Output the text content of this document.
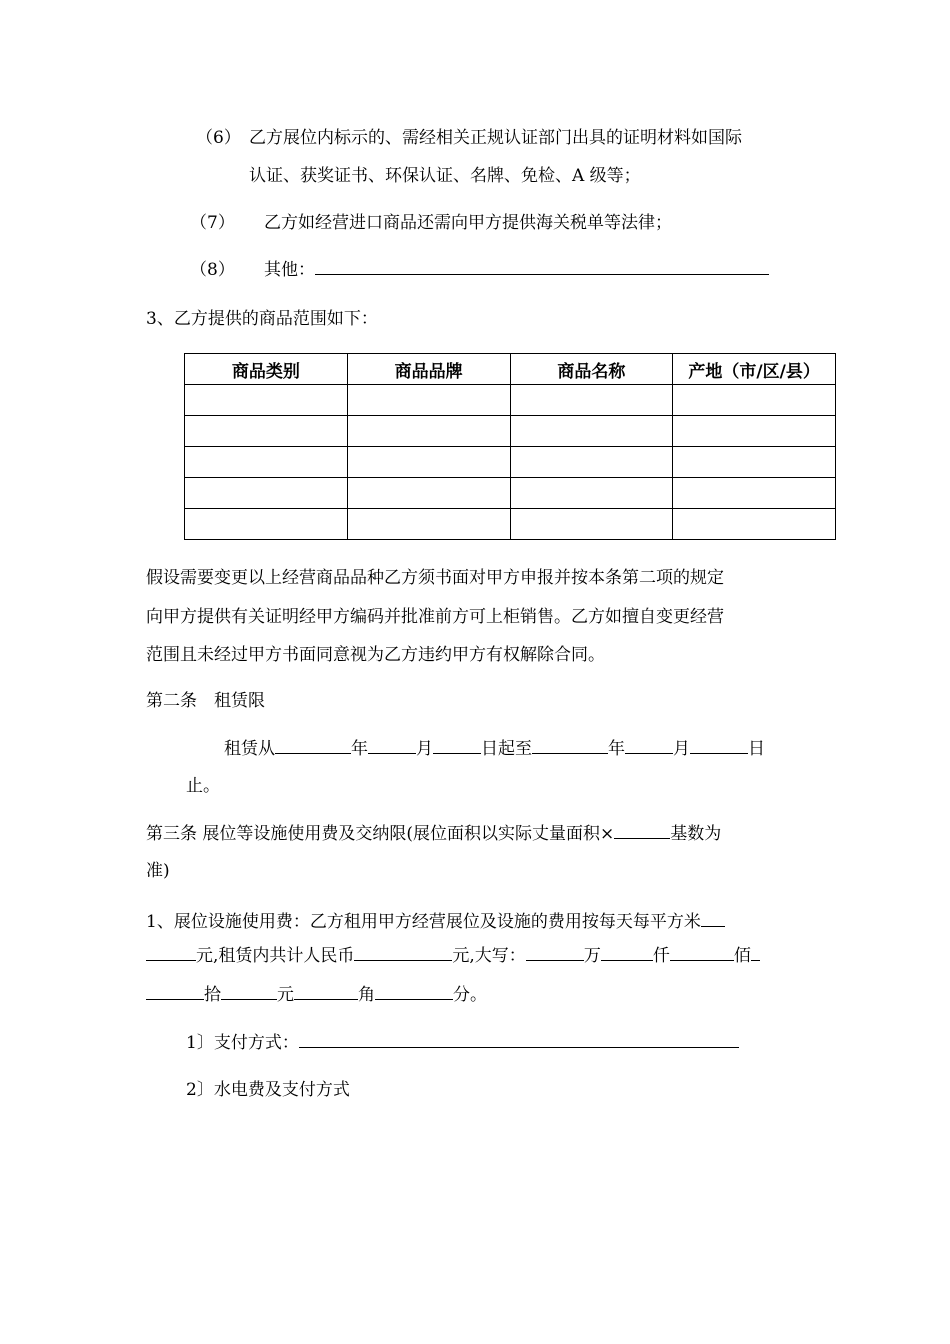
（6） 乙方展位内标示的、需经相关正规认证部门出具的证明材料如国际
认证、获奖证书、环保认证、名牌、免检、A 级等；
（7） 乙方如经营进口商品还需向甲方提供海关税单等法律；
（8） 其他：
3、乙方提供的商品范围如下：
商品类别	商品品牌	商品名称	产地（市/区/县）

假设需要变更以上经营商品品种乙方须书面对甲方申报并按本条第二项的规定
向甲方提供有关证明经甲方编码并批准前方可上柜销售。乙方如擅自变更经营
范围且未经过甲方书面同意视为乙方违约甲方有权解除合同。
第二条　租赁限
租赁从	年	月	日起至	年	月	日
止。
第三条 展位等设施使用费及交纳限(展位面积以实际丈量面积×	基数为
准)
1、展位设施使用费：乙方租用甲方经营展位及设施的费用按每天每平方米
元,租赁内共计人民币	元,大写：	万	仟	佰
拾	元	角	分。
1〕支付方式：
2〕水电费及支付方式
